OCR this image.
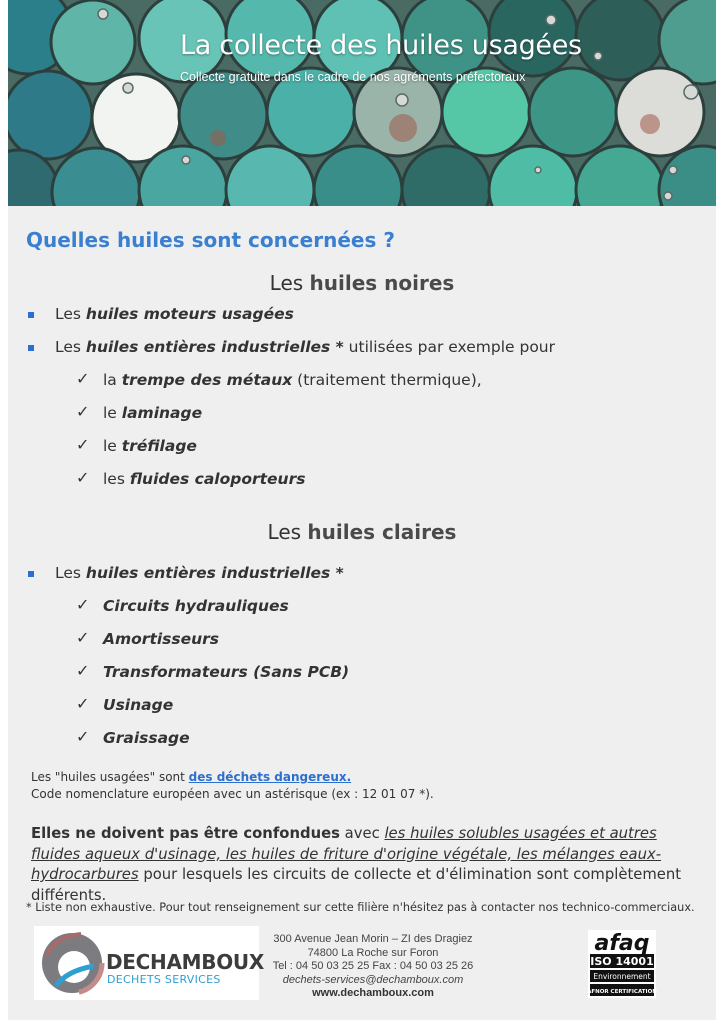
La collecte des huiles usagées
Collecte gratuite dans le cadre de nos agréments préfectoraux
Quelles huiles sont concernées ?
Les huiles noires
Les huiles moteurs usagées
Les huiles entières industrielles * utilisées par exemple pour
✓ la trempe des métaux (traitement thermique),
✓ le laminage
✓ le tréfilage
✓ les fluides caloporteurs
Les huiles claires
Les huiles entières industrielles *
✓ Circuits hydrauliques
✓ Amortisseurs
✓ Transformateurs (Sans PCB)
✓ Usinage
✓ Graissage
Les "huiles usagées" sont des déchets dangereux.
Code nomenclature européen avec un astérisque (ex : 12 01 07 *).
Elles ne doivent pas être confondues avec les huiles solubles usagées et autres fluides aqueux d'usinage, les huiles de friture d'origine végétale, les mélanges eaux-hydrocarbures pour lesquels les circuits de collecte et d'élimination sont complètement différents.
* Liste non exhaustive. Pour tout renseignement sur cette filière n'hésitez pas à contacter nos technico-commerciaux.
DECHAMBOUX
DECHETS SERVICES
300 Avenue Jean Morin – ZI des Dragiez
74800 La Roche sur Foron
Tel : 04 50 03 25 25 Fax : 04 50 03 25 26
dechets-services@dechamboux.com
www.dechamboux.com
afaq
ISO 14001
Environnement
AFNOR CERTIFICATION
